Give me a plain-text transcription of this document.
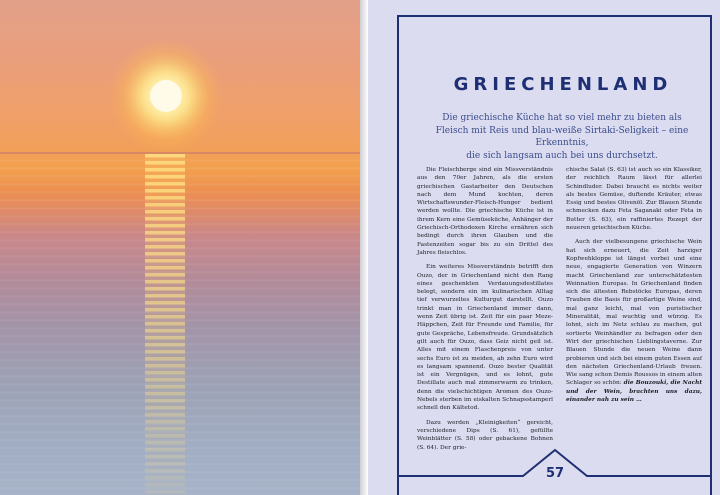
GRIECHENLAND
Die griechische Küche hat so viel mehr zu bieten als
Fleisch mit Reis und blau-weiße Sirtaki-Seligkeit – eine Erkenntnis,
die sich langsam auch bei uns durchsetzt.

Die Fleischberge sind ein Missverständnis aus den 70er Jahren, als die ersten griechischen Gastarbeiter den Deutschen nach dem Mund kochten, deren Wirtschaftswunder-Fleisch-Hunger bedient werden wollte. Die griechische Küche ist in ihrem Kern eine Gemüseküche, Anhänger der Griechisch-Orthodoxen Kirche ernähren sich bedingt durch ihren Glauben und die Fastenzeiten sogar bis zu ein Drittel des Jahres fleischlos.

Ein weiteres Missverständnis betrifft den Ouzo, der in Griechenland nicht den Rang eines geschenkten Verdauungsdestillates belegt, sondern ein im kulinarischen Alltag tief verwurzeltes Kulturgut darstellt. Ouzo trinkt man in Griechenland immer dann, wenn Zeit übrig ist. Zeit für ein paar Meze-Häppchen, Zeit für Freunde und Familie, für gute Gespräche, Lebensfreude. Grundsätzlich gilt auch für Ouzo, dass Geiz nicht geil ist. Alles mit einem Flaschenpreis von unter sechs Euro ist zu meiden, ab zehn Euro wird es langsam spannend. Ouzo bester Qualität ist ein Vergnügen, und es lohnt, gute Destillate auch mal zimmerwarm zu trinken, denn die vielschichtigen Aromen des Ouzo-Nebels sterben im eiskalten Schnapsstamperl schnell den Kältetod.

Dazu werden „Kleinigkeiten“ gereicht, verschiedene Dips (S. 61), gefüllte Weinblätter (S. 58) oder gebackene Bohnen (S. 64). Der grie-

chische Salat (S. 63) ist auch so ein Klassiker, der reichlich Raum lässt für allerlei Schindluder. Dabei braucht es nichts weiter als bestes Gemüse, duftende Kräuter, etwas Essig und bestes Olivenöl. Zur Blauen Stunde schmecken dazu Feta Saganaki oder Feta in Butter (S. 63), ein raffiniertes Rezept der neueren griechischen Küche.

Auch der vielbesungene griechische Wein hat sich erneuert, die Zeit harziger Kopfwehkloppe ist längst vorbei und eine neue, engagierte Generation von Winzern macht Griechenland zur unterschätztesten Weinnation Europas. In Griechenland finden sich die ältesten Rebstöcke Europas, deren Trauben die Basis für großartige Weine sind, mal ganz leicht, mal von puristischer Mineralität, mal wuchtig und würzig. Es lohnt, sich im Netz schlau zu machen, gut sortierte Weinhändler zu befragen oder den Wirt der griechischen Lieblingstaverne. Zur Blauen Stunde die neuen Weine dann probieren und sich bei einem guten Essen auf den nächsten Griechenland-Urlaub freuen. Wie sang schon Demis Roussos in einem alten Schlager so schön: die Bouzouki, die Nacht und der Wein, brachten uns dazu, einander nah zu sein …

57
